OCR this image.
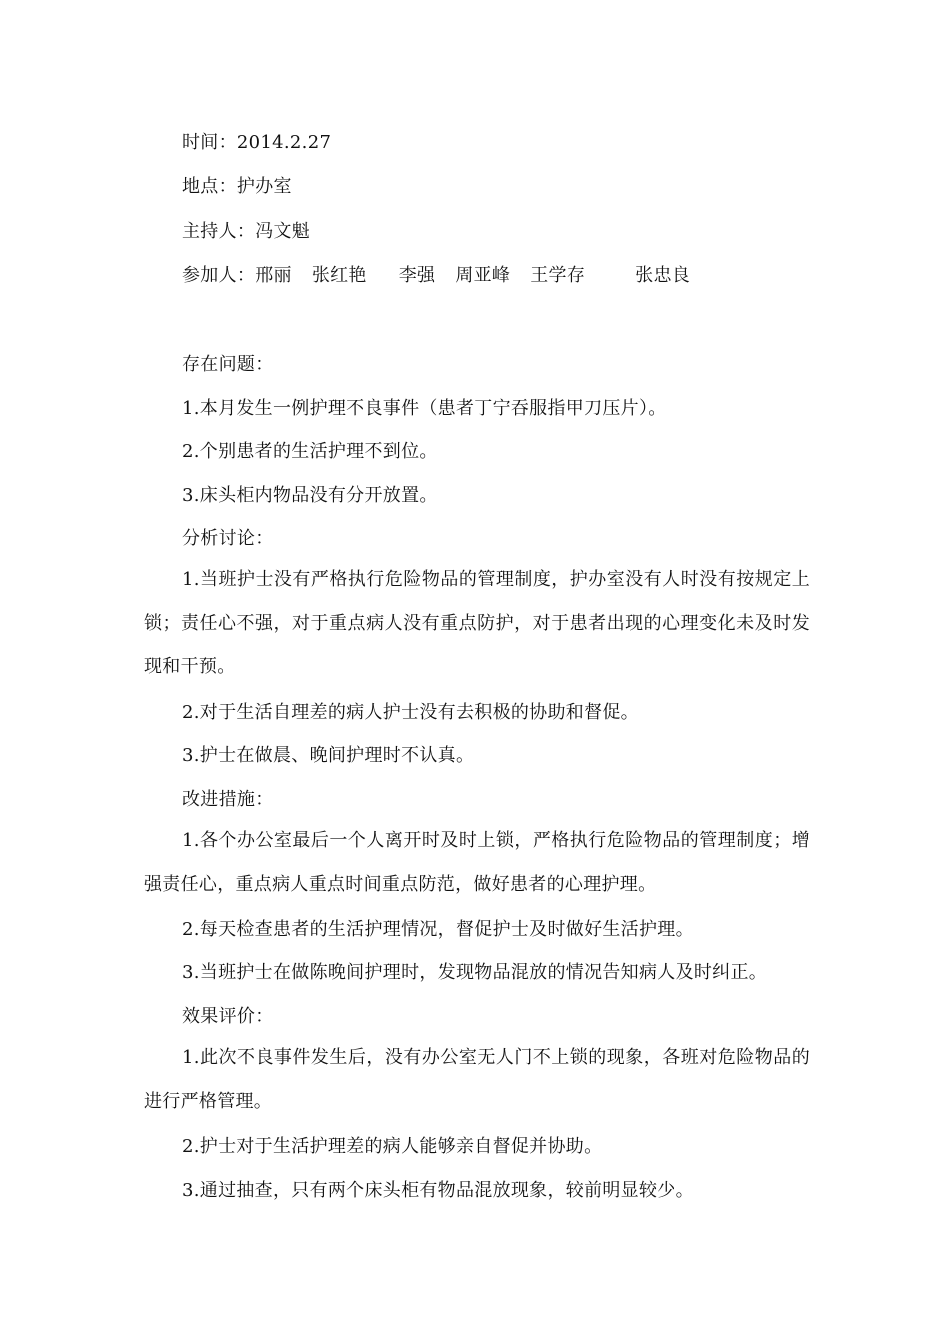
时间：2014.2.27
地点：护办室
主持人：冯文魁
参加人：邢丽 张红艳 李强 周亚峰 王学存	张忠良
存在问题：
1.本月发生一例护理不良事件（患者丁宁吞服指甲刀压片）。
2.个别患者的生活护理不到位。
3.床头柜内物品没有分开放置。
分析讨论：

1.当班护士没有严格执行危险物品的管理制度，护办室没有人时没有按规定上锁；责任心不强，对于重点病人没有重点防护，对于患者出现的心理变化未及时发现和干预。

2.对于生活自理差的病人护士没有去积极的协助和督促。
3.护士在做晨、晚间护理时不认真。
改进措施：

1.各个办公室最后一个人离开时及时上锁，严格执行危险物品的管理制度；增强责任心，重点病人重点时间重点防范，做好患者的心理护理。

2.每天检查患者的生活护理情况，督促护士及时做好生活护理。
3.当班护士在做陈晚间护理时，发现物品混放的情况告知病人及时纠正。
效果评价：

1.此次不良事件发生后，没有办公室无人门不上锁的现象，各班对危险物品的进行严格管理。

2.护士对于生活护理差的病人能够亲自督促并协助。
3.通过抽查，只有两个床头柜有物品混放现象，较前明显较少。
